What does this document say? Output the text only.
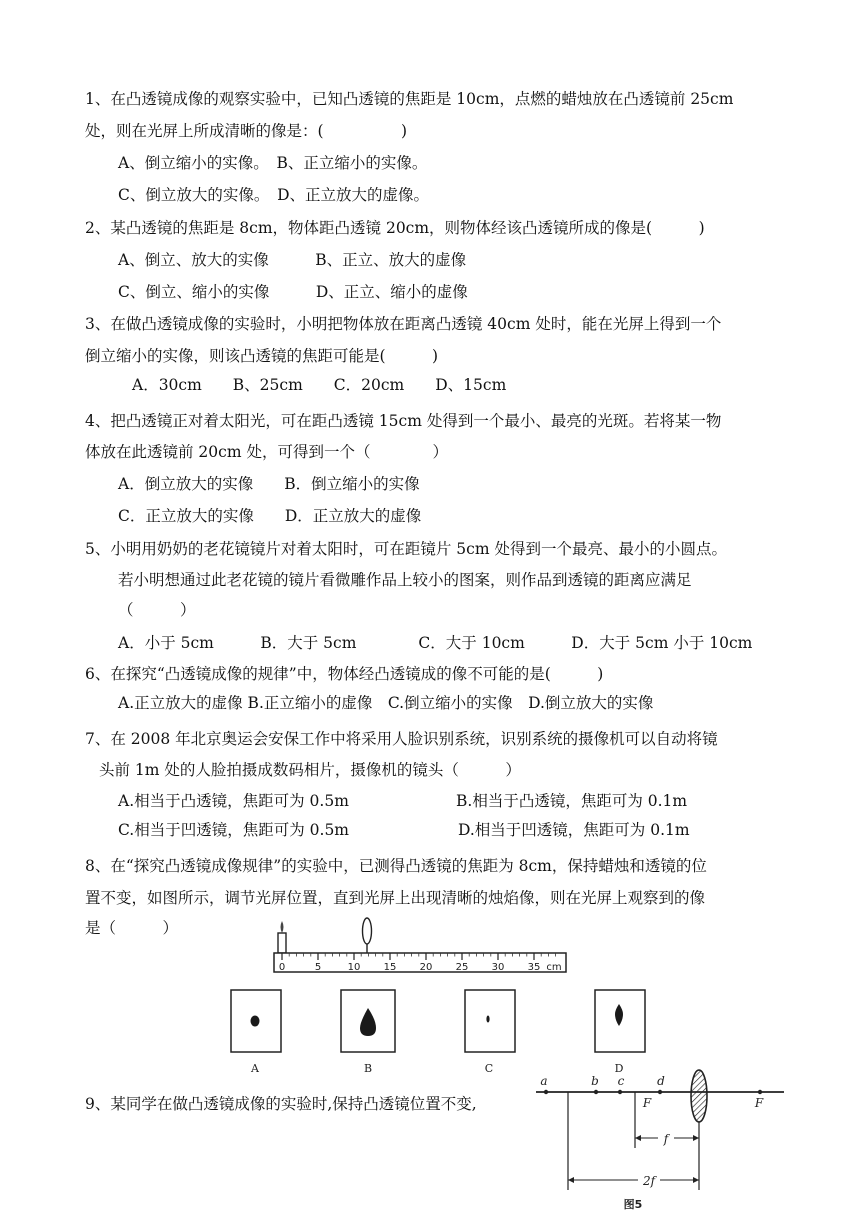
1、在凸透镜成像的观察实验中，已知凸透镜的焦距是 10cm，点燃的蜡烛放在凸透镜前 25cm
处，则在光屏上所成清晰的像是：(　　　　　)
A、倒立缩小的实像。　B、正立缩小的实像。
C、倒立放大的实像。　D、正立放大的虚像。
2、某凸透镜的焦距是 8cm，物体距凸透镜 20cm，则物体经该凸透镜所成的像是(　　　)
A、倒立、放大的实像　　　B、正立、放大的虚像
C、倒立、缩小的实像　　　D、正立、缩小的虚像
3、在做凸透镜成像的实验时，小明把物体放在距离凸透镜 40cm 处时，能在光屏上得到一个
倒立缩小的实像，则该凸透镜的焦距可能是(　　　)
A．30cm　　B、25cm　　C．20cm　　D、15cm
4、把凸透镜正对着太阳光，可在距凸透镜 15cm 处得到一个最小、最亮的光斑。若将某一物
体放在此透镜前 20cm 处，可得到一个（　　　　）
A．倒立放大的实像　　B．倒立缩小的实像
C．正立放大的实像　　D．正立放大的虚像
5、小明用奶奶的老花镜镜片对着太阳时，可在距镜片 5cm 处得到一个最亮、最小的小圆点。
若小明想通过此老花镜的镜片看微雕作品上较小的图案，则作品到透镜的距离应满足
（　　　）
A．小于 5cm　　　B．大于 5cm　　　　C．大于 10cm　　　D．大于 5cm 小于 10cm
6、在探究“凸透镜成像的规律”中，物体经凸透镜成的像不可能的是(　　　)
A.正立放大的虚像 B.正立缩小的虚像　C.倒立缩小的实像　D.倒立放大的实像
7、在 2008 年北京奥运会安保工作中将采用人脸识别系统，识别系统的摄像机可以自动将镜
头前 1m 处的人脸拍摄成数码相片，摄像机的镜头（　　　）
A.相当于凸透镜，焦距可为 0.5m	B.相当于凸透镜，焦距可为 0.1m
C.相当于凹透镜，焦距可为 0.5m	D.相当于凹透镜，焦距可为 0.1m
8、在“探究凸透镜成像规律”的实验中，已测得凸透镜的焦距为 8cm，保持蜡烛和透镜的位
置不变，如图所示，调节光屏位置，直到光屏上出现清晰的烛焰像，则在光屏上观察到的像
是（　　　）
0	5	10 15 20 25 30 35 cm
A	B	C	D
9、某同学在做凸透镜成像的实验时,保持凸透镜位置不变,
a	b c	d
F	F
f
2f
图5
